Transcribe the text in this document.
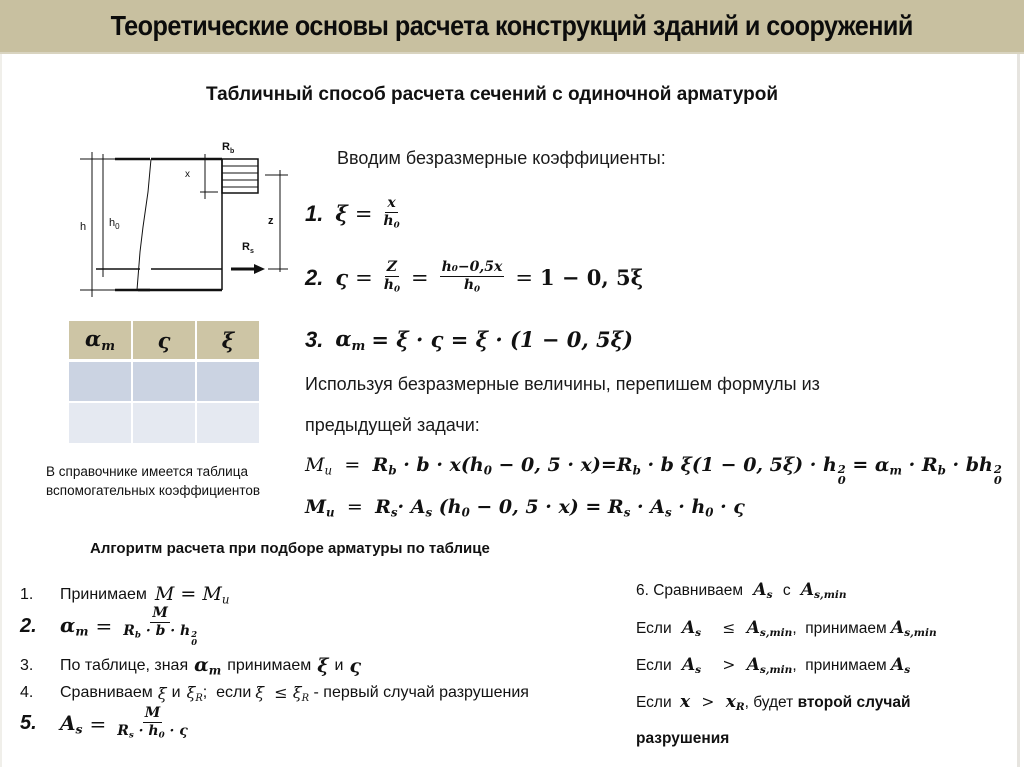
Теоретические основы расчета конструкций зданий и сооружений
Табличный способ расчета сечений с одиночной арматурой
h $h_0$
x
z
$R_b$
$R_s$
Вводим безразмерные коэффициенты:
1. $\xi = \frac{x}{h_0}$
2. $\varsigma = \frac{Z}{h_0} = \frac{\text{h₀−0,5x}}{h_0} = 1 - 0$, 5ξ
3. $\alpha_m = \xi \cdot \varsigma = \xi \cdot (1 - 0$, 5ξ)
$\alpha_m$	ς	ξ

В справочнике имеется таблица
вспомогательных коэффициентов
Используя безразмерные величины, перепишем формулы из
предыдущей задачи:
$M_u = R_b \cdot b \cdot x(h_0 - 0$, $5 \cdot x)=R_b \cdot b$ ξ(1 − 0, 5ξ) · h 2
0
= $\alpha_m \cdot R_b$ · bh 2
0
$M_u = R_s\cdot A_s$ ($h_0 - 0$, $5 \cdot x) = R_s \cdot A_s \cdot h_0 \cdot \varsigma$
Алгоритм расчета при подборе арматуры по таблице
1.	Принимаем $M = M_u$
2.	$\alpha_m = M$
$R_b \cdot b \cdot h$ 2
0
3.	По таблице, зная $\alpha_m$ принимаем ξ и ς
4.	Сравниваем ξ и $\xi_R$ ;  если $\xi \le \xi_R$ - первый случай разрушения
5.	$A_s = \frac{M}{R_s \cdot h_0 \cdot \varsigma}$
6. Сравниваем $A_s$ с $A_{s,min}$
Если $A_s \le A_{s,min}$,  принимаем $A_{s,min}$
Если $A_s > A_{s,min}$,  принимаем $A_s$
Если $x > x_R$, будет второй случай
разрушения
